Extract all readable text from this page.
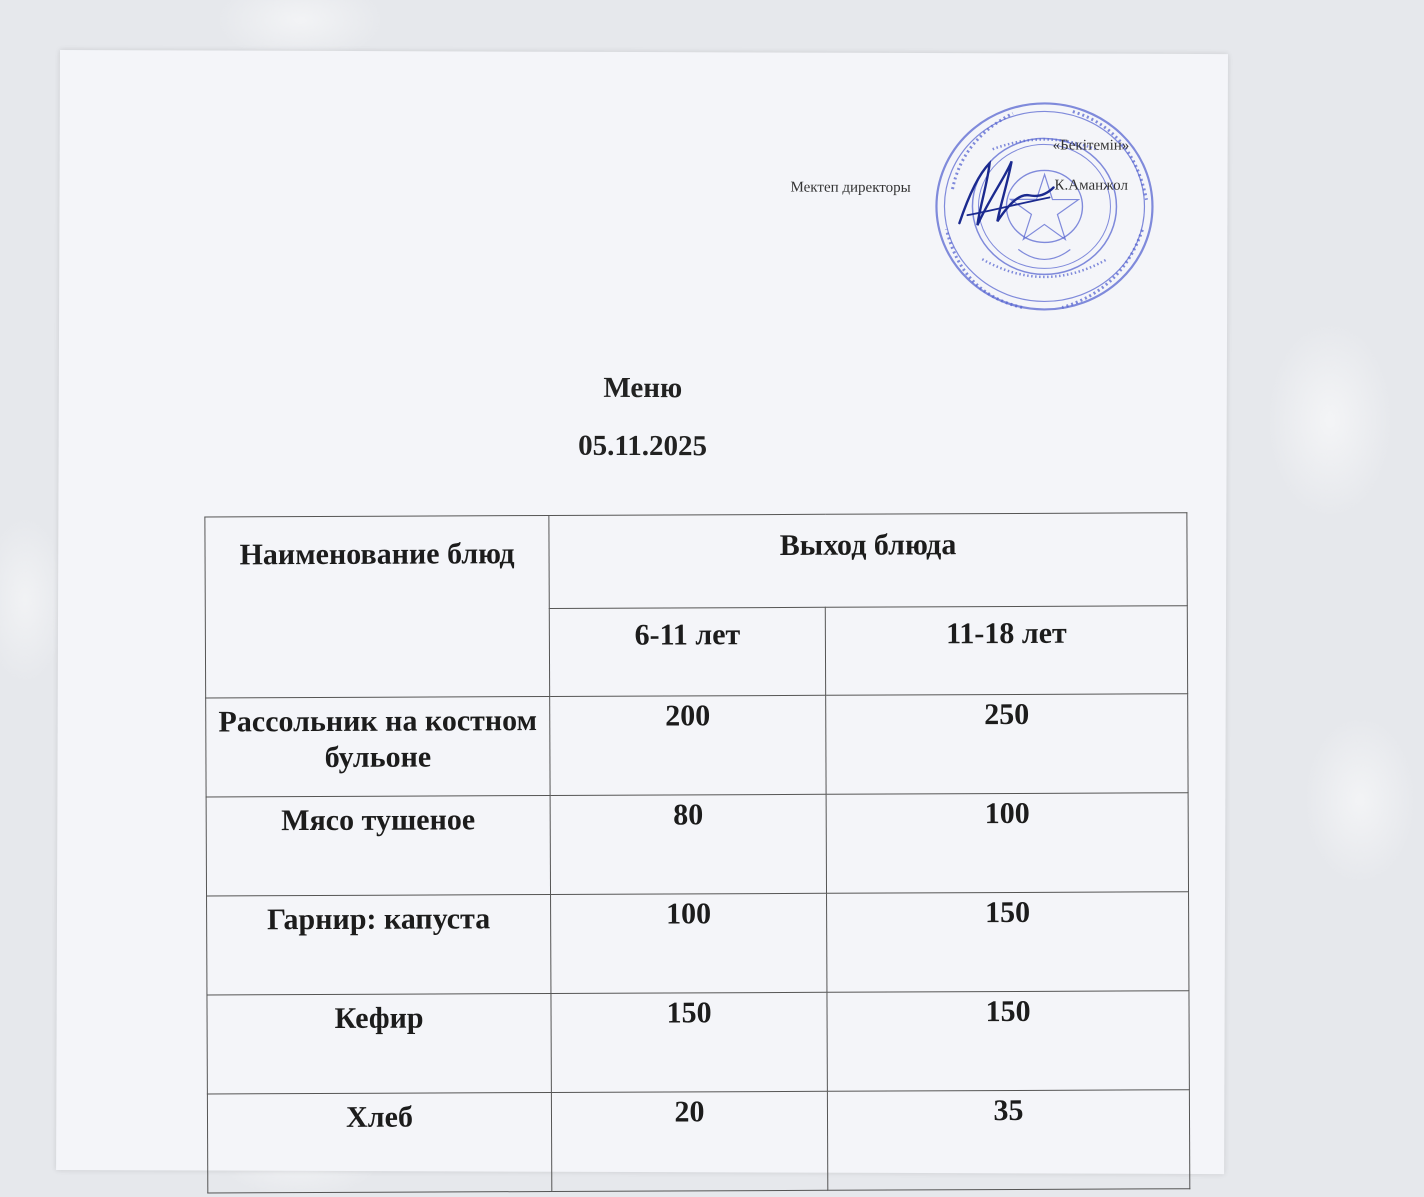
«Бекітемін»
Мектеп директоры	К.Аманжол
Меню
05.11.2025
Наименование блюд	Выход блюда	
	6-11 лет	11-18 лет
Рассольник на костном бульоне	200	250
Мясо тушеное	80	100
Гарнир: капуста	100	150
Кефир	150	150
Хлеб	20	35
